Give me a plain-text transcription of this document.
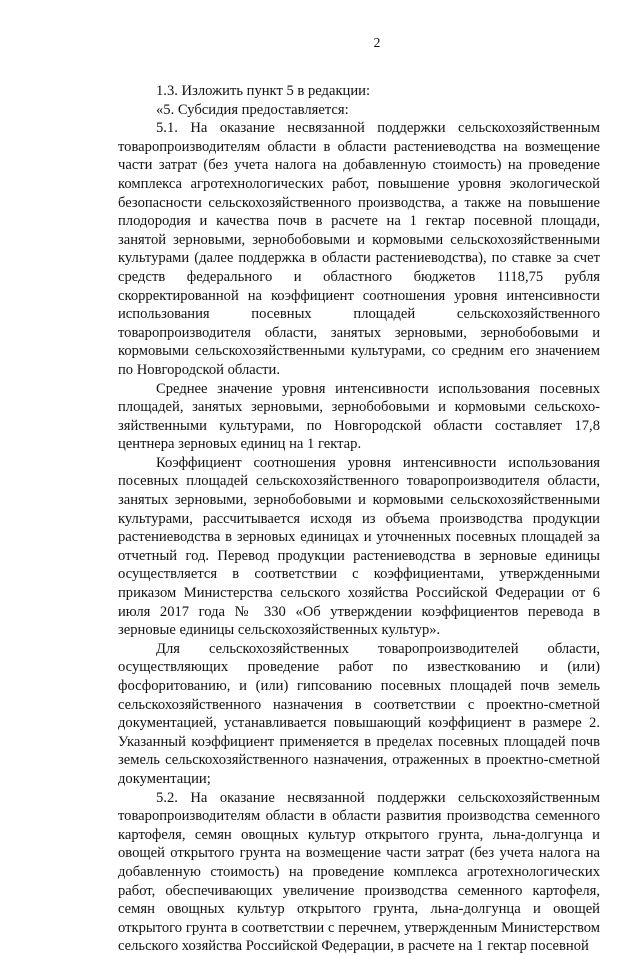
2

1.3. Изложить пункт 5 в редакции:

«5. Субсидия предоставляется:

5.1. На оказание несвязанной поддержки сельскохозяйственным товаропроизводителям области в области растениеводства на возмещение части затрат (без учета налога на добавленную стоимость) на проведение комплекса агротехнологических работ, повышение уровня экологической безопасности сельскохозяйственного производства, а также на повышение плодородия и качества почв в расчете на 1 гектар посевной площади, занятой зерновыми, зернобобовыми и кормовыми сельскохозяйственными культурами (далее поддержка в области растениеводства), по ставке за счет средств федерального и областного бюджетов 1118,75 рубля скорректированной на коэффициент соотношения уровня интенсивности использования посевных площадей сельскохозяйственного товаропроизводителя области, занятых зерновыми, зернобобовыми и кормовыми сельскохозяйственными культурами, со средним его значением по Новгородской области.

Среднее значение уровня интенсивности использования посевных площадей, занятых зерновыми, зернобобовыми и кормовыми сельскохозяйственными культурами, по Новгородской области составляет 17,8 центнера зерновых единиц на 1 гектар.

Коэффициент соотношения уровня интенсивности использования посевных площадей сельскохозяйственного товаропроизводителя области, занятых зерновыми, зернобобовыми и кормовыми сельскохозяйственными культурами, рассчитывается исходя из объема производства продукции растениеводства в зерновых единицах и уточненных посевных площадей за отчетный год. Перевод продукции растениеводства в зерновые единицы осуществляется в соответствии с коэффициентами, утвержденными приказом Министерства сельского хозяйства Российской Федерации от 6 июля 2017 года № 330 «Об утверждении коэффициентов перевода в зерновые единицы сельскохозяйственных культур».

Для сельскохозяйственных товаропроизводителей области, осуществляющих проведение работ по известкованию и (или) фосфоритованию, и (или) гипсованию посевных площадей почв земель сельскохозяйственного назначения в соответствии с проектно-сметной документацией, устанавливается повышающий коэффициент в размере 2. Указанный коэффициент применяется в пределах посевных площадей почв земель сельскохозяйственного назначения, отраженных в проектно-сметной документации;

5.2. На оказание несвязанной поддержки сельскохозяйственным товаропроизводителям области в области развития производства семенного картофеля, семян овощных культур открытого грунта, льна-долгунца и овощей открытого грунта на возмещение части затрат (без учета налога на добавленную стоимость) на проведение комплекса агротехнологических работ, обеспечивающих увеличение производства семенного картофеля, семян овощных культур открытого грунта, льна-долгунца и овощей открытого грунта в соответствии с перечнем, утвержденным Министерством сельского хозяйства Российской Федерации, в расчете на 1 гектар посевной
